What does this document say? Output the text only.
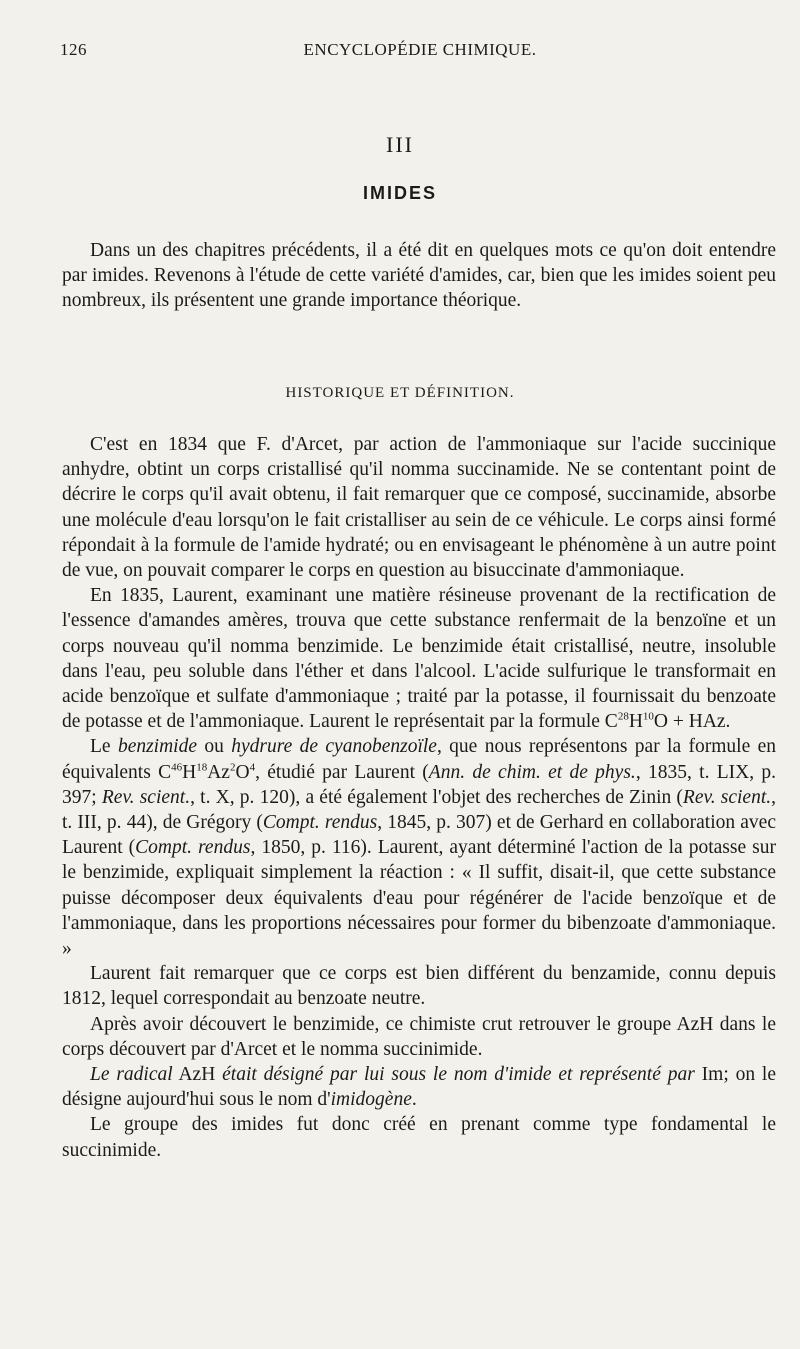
126	ENCYCLOPÉDIE CHIMIQUE.
III
IMIDES

Dans un des chapitres précédents, il a été dit en quelques mots ce qu'on doit entendre par imides. Revenons à l'étude de cette variété d'amides, car, bien que les imides soient peu nombreux, ils présentent une grande importance théorique.

HISTORIQUE ET DÉFINITION.

C'est en 1834 que F. d'Arcet, par action de l'ammoniaque sur l'acide succinique anhydre, obtint un corps cristallisé qu'il nomma succinamide. Ne se contentant point de décrire le corps qu'il avait obtenu, il fait remarquer que ce composé, succinamide, absorbe une molécule d'eau lorsqu'on le fait cristalliser au sein de ce véhicule. Le corps ainsi formé répondait à la formule de l'amide hydraté; ou en envisageant le phénomène à un autre point de vue, on pouvait comparer le corps en question au bisuccinate d'ammoniaque.

En 1835, Laurent, examinant une matière résineuse provenant de la rectification de l'essence d'amandes amères, trouva que cette substance renfermait de la benzoïne et un corps nouveau qu'il nomma benzimide. Le benzimide était cristallisé, neutre, insoluble dans l'eau, peu soluble dans l'éther et dans l'alcool. L'acide sulfurique le transformait en acide benzoïque et sulfate d'ammoniaque ; traité par la potasse, il fournissait du benzoate de potasse et de l'ammoniaque. Laurent le représentait par la formule $C^{28}H^{10}O$ + HAz.

Le benzimide ou hydrure de cyanobenzoïle, que nous représentons par la formule en équivalents $C^{46}H^{18}Az^2O^4$, étudié par Laurent (Ann. de chim. et de phys., 1835, t. LIX, p. 397; Rev. scient., t. X, p. 120), a été également l'objet des recherches de Zinin (Rev. scient., t. III, p. 44), de Grégory (Compt. rendus, 1845, p. 307) et de Gerhard en collaboration avec Laurent (Compt. rendus, 1850, p. 116). Laurent, ayant déterminé l'action de la potasse sur le benzimide, expliquait simplement la réaction : « Il suffit, disait-il, que cette substance puisse décomposer deux équivalents d'eau pour régénérer de l'acide benzoïque et de l'ammoniaque, dans les proportions nécessaires pour former du bibenzoate d'ammoniaque. »

Laurent fait remarquer que ce corps est bien différent du benzamide, connu depuis 1812, lequel correspondait au benzoate neutre.

Après avoir découvert le benzimide, ce chimiste crut retrouver le groupe AzH dans le corps découvert par d'Arcet et le nomma succinimide.

Le radical AzH était désigné par lui sous le nom d'imide et représenté par Im; on le désigne aujourd'hui sous le nom d'imidogène.

Le groupe des imides fut donc créé en prenant comme type fondamental le succinimide.
